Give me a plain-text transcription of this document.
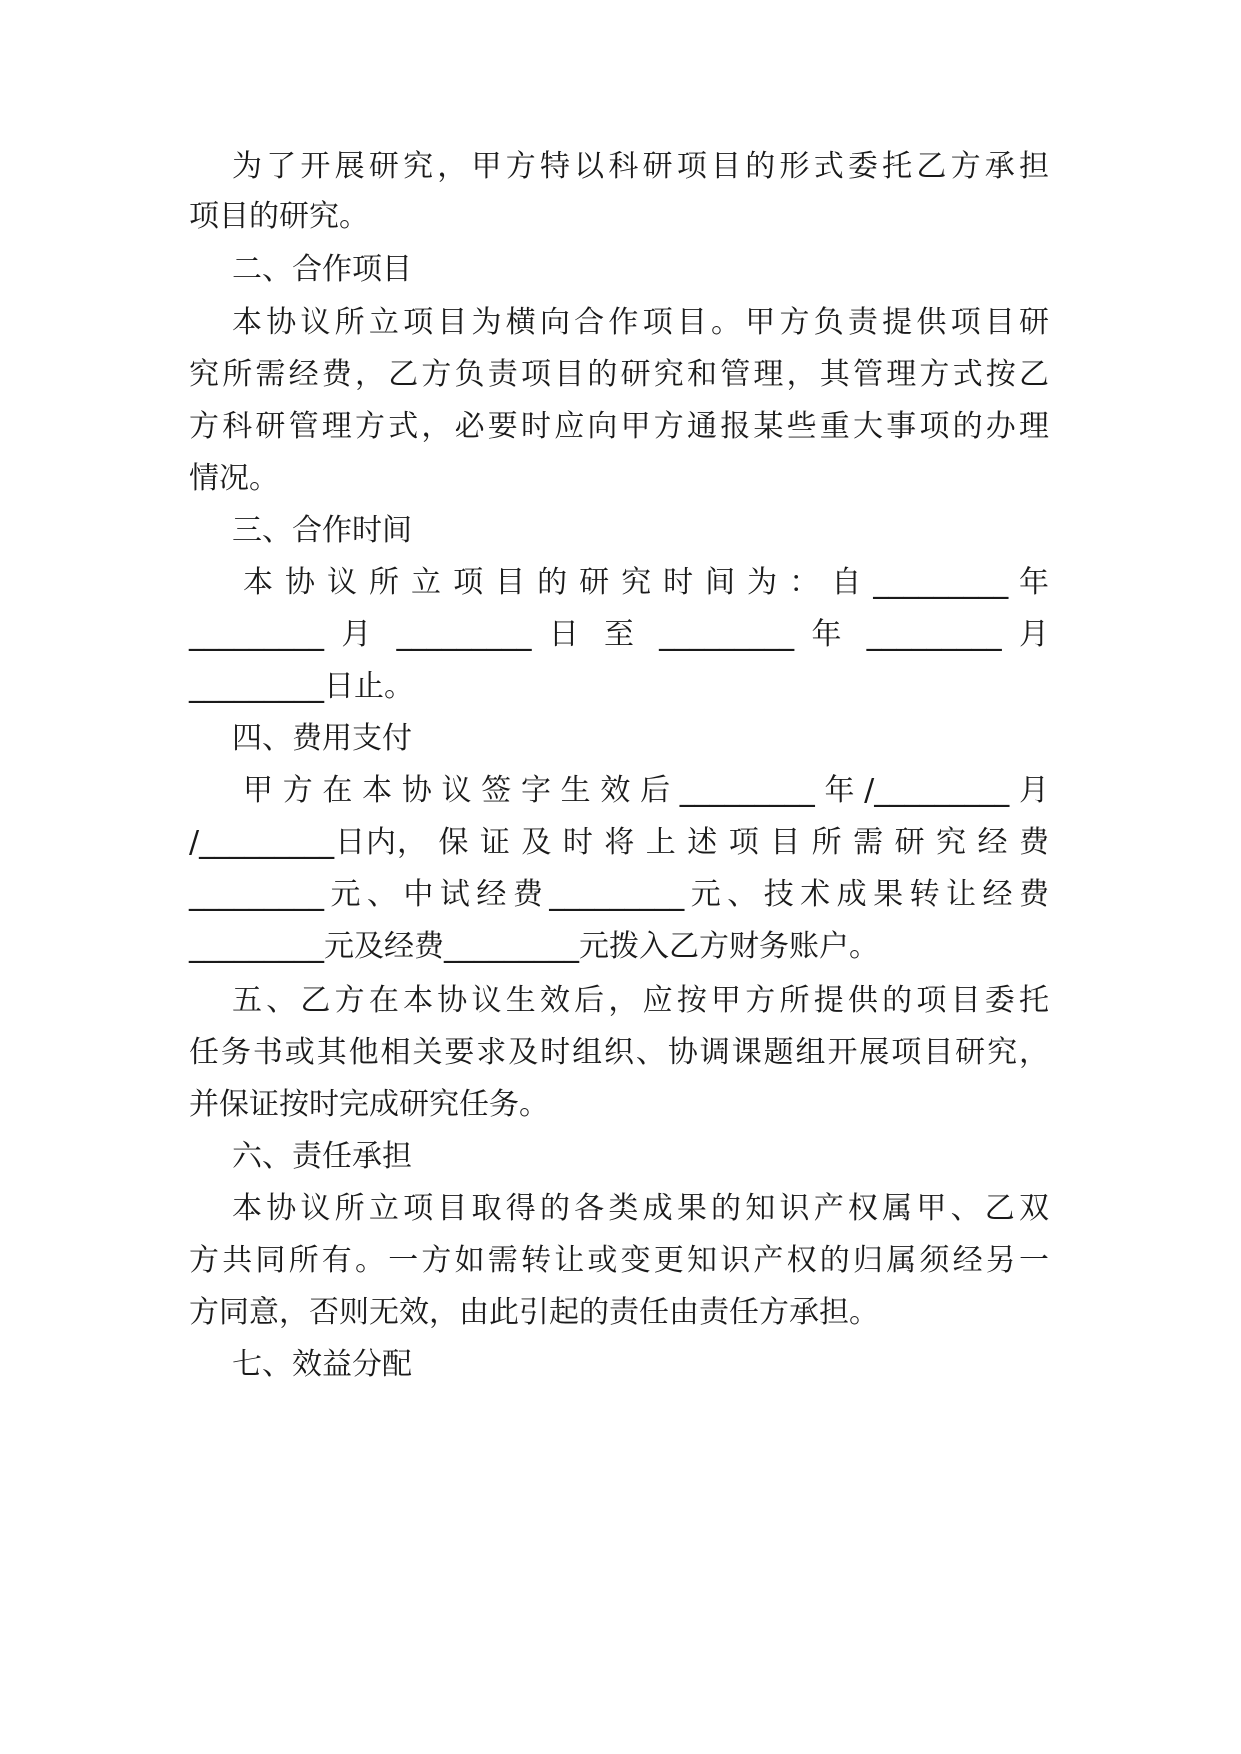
为了开展研究，甲方特以科研项目的形式委托乙方承担
项目的研究。
二、合作项目
本协议所立项目为横向合作项目。甲方负责提供项目研
究所需经费，乙方负责项目的研究和管理，其管理方式按乙
方科研管理方式，必要时应向甲方通报某些重大事项的办理
情况。
三、合作时间
本 协 议 所 立 项 目 的 研 究 时 间 为 ： 自 _________ 年
_________ 月 _________ 日 至 _________ 年 _________ 月
_________日止。
四、费用支付
甲方在本协议签字生效后_________年/_________月
/_________日内， 保 证 及 时 将 上 述 项 目 所 需 研 究 经 费
_________元、中试经费_________元、技术成果转让经费
_________元及经费_________元拨入乙方财务账户。
五、乙方在本协议生效后，应按甲方所提供的项目委托
任务书或其他相关要求及时组织、协调课题组开展项目研究，
并保证按时完成研究任务。
六、责任承担
本协议所立项目取得的各类成果的知识产权属甲、乙双
方共同所有。一方如需转让或变更知识产权的归属须经另一
方同意，否则无效，由此引起的责任由责任方承担。
七、效益分配
